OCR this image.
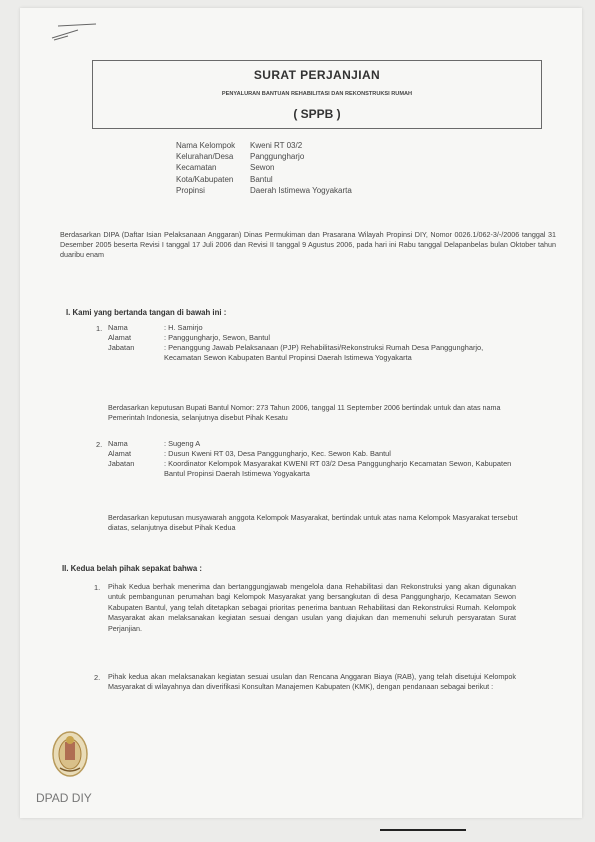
SURAT PERJANJIAN
PENYALURAN BANTUAN REHABILITASI DAN REKONSTRUKSI RUMAH
( SPPB )
Nama Kelompok	Kweni RT 03/2
Kelurahan/Desa	Panggungharjo
Kecamatan	Sewon
Kota/Kabupaten	Bantul
Propinsi	Daerah Istimewa Yogyakarta
Berdasarkan DIPA (Daftar Isian Pelaksanaan Anggaran) Dinas Permukiman dan Prasarana Wilayah Propinsi DIY, Nomor 0026.1/062-3/-/2006 tanggal 31 Desember 2005 beserta Revisi I tanggal 17 Juli 2006 dan Revisi II tanggal 9 Agustus 2006, pada hari ini Rabu tanggal Delapanbelas bulan Oktober tahun duaribu enam
I. Kami yang bertanda tangan di bawah ini :
1. Nama	: H. Samirjo
Alamat	: Panggungharjo, Sewon, Bantul
Jabatan	: Penanggung Jawab Pelaksanaan (PJP) Rehabilitasi/Rekonstruksi Rumah Desa Panggungharjo, Kecamatan Sewon Kabupaten Bantul Propinsi Daerah Istimewa Yogyakarta
Berdasarkan keputusan Bupati Bantul Nomor: 273 Tahun 2006, tanggal 11 September 2006 bertindak untuk dan atas nama Pemerintah Indonesia, selanjutnya disebut Pihak Kesatu
2. Nama	: Sugeng A
Alamat	: Dusun Kweni RT 03, Desa Panggungharjo, Kec. Sewon Kab. Bantul
Jabatan	: Koordinator Kelompok Masyarakat KWENI RT 03/2 Desa Panggungharjo Kecamatan Sewon, Kabupaten Bantul Propinsi Daerah Istimewa Yogyakarta
Berdasarkan keputusan musyawarah anggota Kelompok Masyarakat, bertindak untuk atas nama Kelompok Masyarakat tersebut diatas, selanjutnya disebut Pihak Kedua
II. Kedua belah pihak sepakat bahwa :
1. Pihak Kedua berhak menerima dan bertanggungjawab mengelola dana Rehabilitasi dan Rekonstruksi yang akan digunakan untuk pembangunan perumahan bagi Kelompok Masyarakat yang bersangkutan di desa Panggungharjo, Kecamatan Sewon Kabupaten Bantul, yang telah ditetapkan sebagai prioritas penerima bantuan Rehabilitasi dan Rekonstruksi Rumah. Kelompok Masyarakat akan melaksanakan kegiatan sesuai dengan usulan yang diajukan dan memenuhi seluruh persyaratan Surat Perjanjian.
2. Pihak kedua akan melaksanakan kegiatan sesuai usulan dan Rencana Anggaran Biaya (RAB), yang telah disetujui Kelompok Masyarakat di wilayahnya dan diverifikasi Konsultan Manajemen Kabupaten (KMK), dengan pendanaan sebagai berikut :
DPAD DIY
